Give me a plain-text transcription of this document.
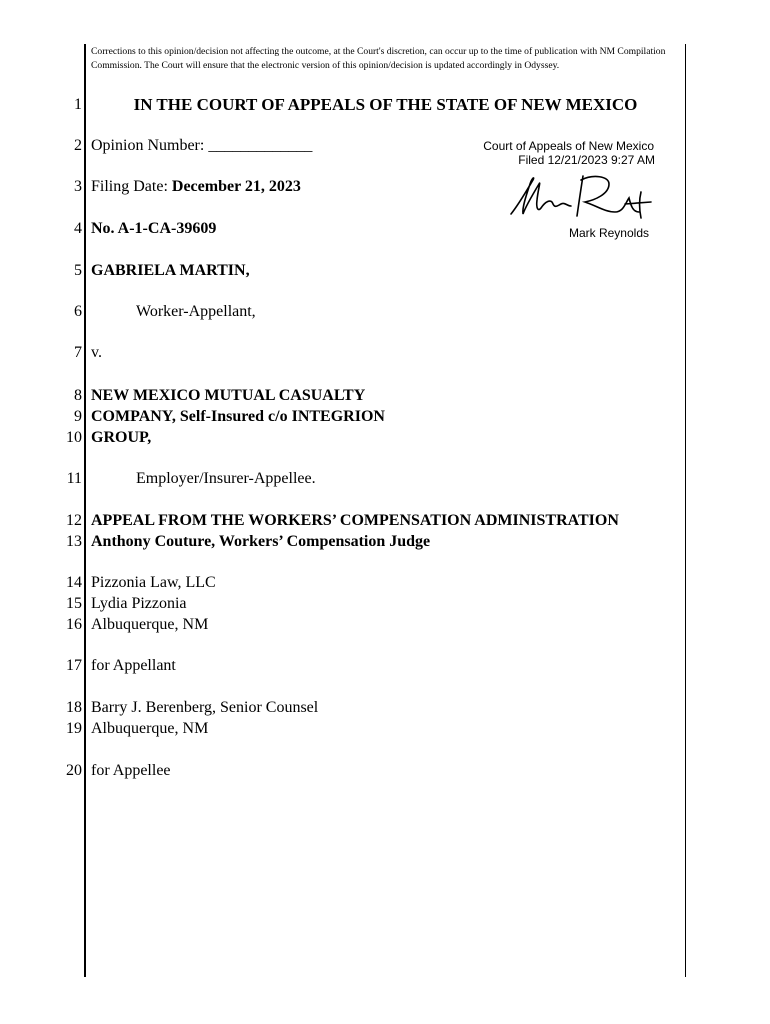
Corrections to this opinion/decision not affecting the outcome, at the Court's discretion, can occur up to the time of publication with NM Compilation Commission. The Court will ensure that the electronic version of this opinion/decision is updated accordingly in Odyssey.
1
2
3
4
5
6
7
8
9
10
11
12
13
14
15
16
17
18
19
20
IN THE COURT OF APPEALS OF THE STATE OF NEW MEXICO
Court of Appeals of New Mexico
Filed 12/21/2023 9:27 AM
Mark Reynolds
Opinion Number: _____________
Filing Date: December 21, 2023
No. A-1-CA-39609
GABRIELA MARTIN,
Worker-Appellant,
v.
NEW MEXICO MUTUAL CASUALTY
COMPANY, Self-Insured c/o INTEGRION
GROUP,
Employer/Insurer-Appellee.
APPEAL FROM THE WORKERS’ COMPENSATION ADMINISTRATION
Anthony Couture, Workers’ Compensation Judge
Pizzonia Law, LLC
Lydia Pizzonia
Albuquerque, NM
for Appellant
Barry J. Berenberg, Senior Counsel
Albuquerque, NM
for Appellee
